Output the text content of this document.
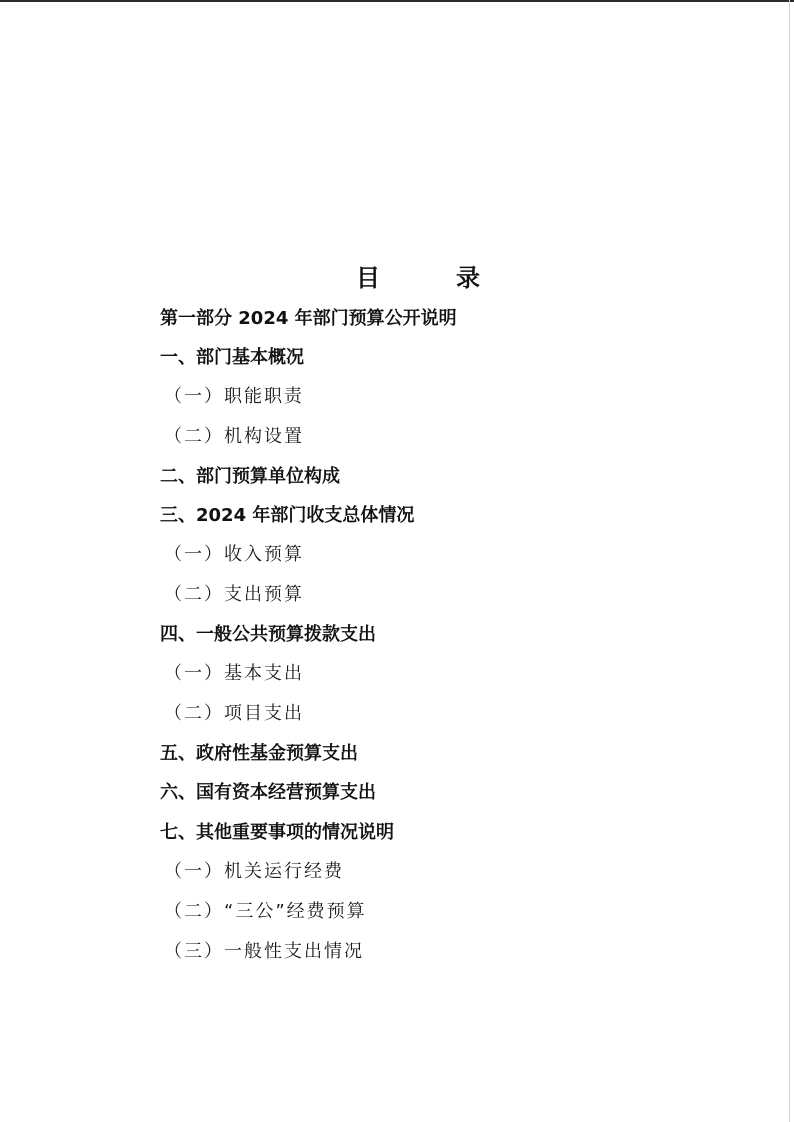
目　录
第一部分 2024 年部门预算公开说明
一、部门基本概况
（一）职能职责
（二）机构设置
二、部门预算单位构成
三、2024 年部门收支总体情况
（一）收入预算
（二）支出预算
四、一般公共预算拨款支出
（一）基本支出
（二）项目支出
五、政府性基金预算支出
六、国有资本经营预算支出
七、其他重要事项的情况说明
（一）机关运行经费
（二）“三公”经费预算
（三）一般性支出情况
